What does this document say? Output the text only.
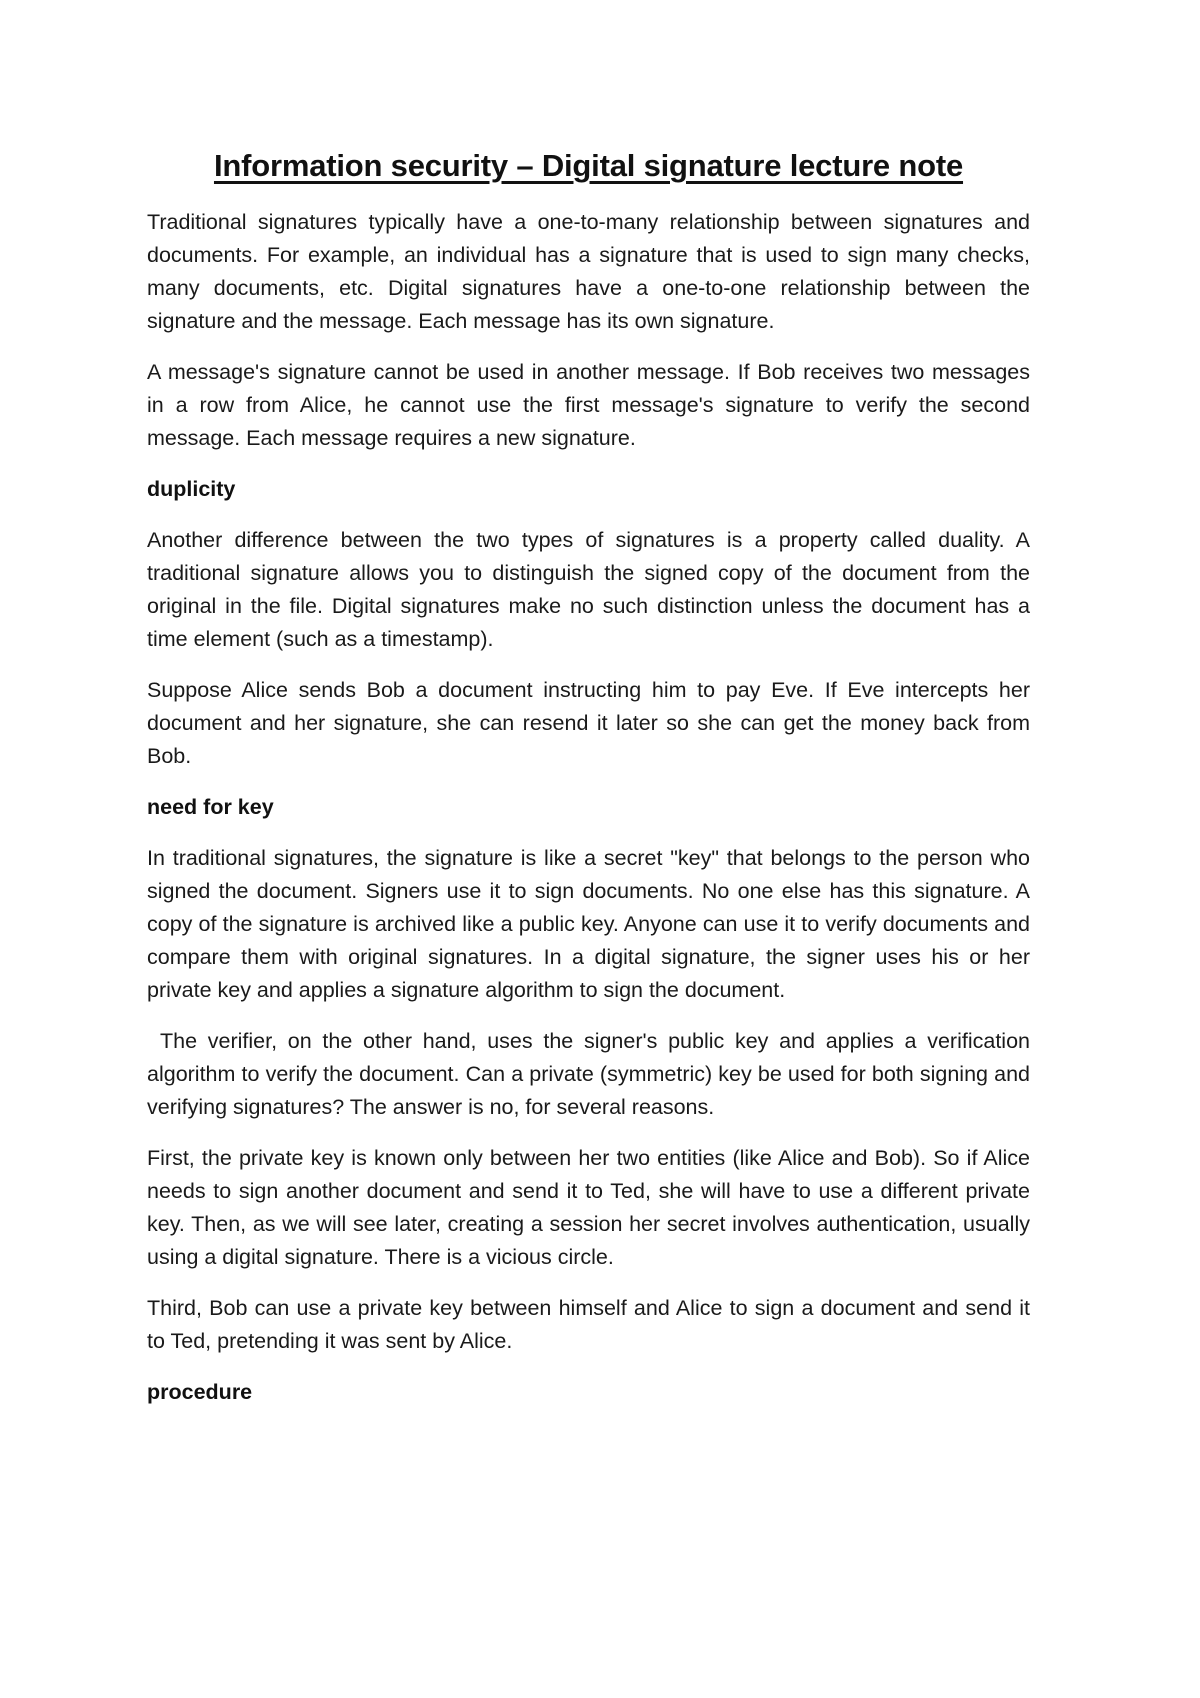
Information security – Digital signature lecture note

Traditional signatures typically have a one-to-many relationship between signatures and documents. For example, an individual has a signature that is used to sign many checks, many documents, etc. Digital signatures have a one-to-one relationship between the signature and the message. Each message has its own signature.

A message's signature cannot be used in another message. If Bob receives two messages in a row from Alice, he cannot use the first message's signature to verify the second message. Each message requires a new signature.

duplicity

Another difference between the two types of signatures is a property called duality. A traditional signature allows you to distinguish the signed copy of the document from the original in the file. Digital signatures make no such distinction unless the document has a time element (such as a timestamp).

Suppose Alice sends Bob a document instructing him to pay Eve. If Eve intercepts her document and her signature, she can resend it later so she can get the money back from Bob.

need for key

In traditional signatures, the signature is like a secret "key" that belongs to the person who signed the document. Signers use it to sign documents. No one else has this signature. A copy of the signature is archived like a public key. Anyone can use it to verify documents and compare them with original signatures. In a digital signature, the signer uses his or her private key and applies a signature algorithm to sign the document.

The verifier, on the other hand, uses the signer's public key and applies a verification algorithm to verify the document. Can a private (symmetric) key be used for both signing and verifying signatures? The answer is no, for several reasons.

First, the private key is known only between her two entities (like Alice and Bob). So if Alice needs to sign another document and send it to Ted, she will have to use a different private key. Then, as we will see later, creating a session her secret involves authentication, usually using a digital signature. There is a vicious circle.

Third, Bob can use a private key between himself and Alice to sign a document and send it to Ted, pretending it was sent by Alice.

procedure
